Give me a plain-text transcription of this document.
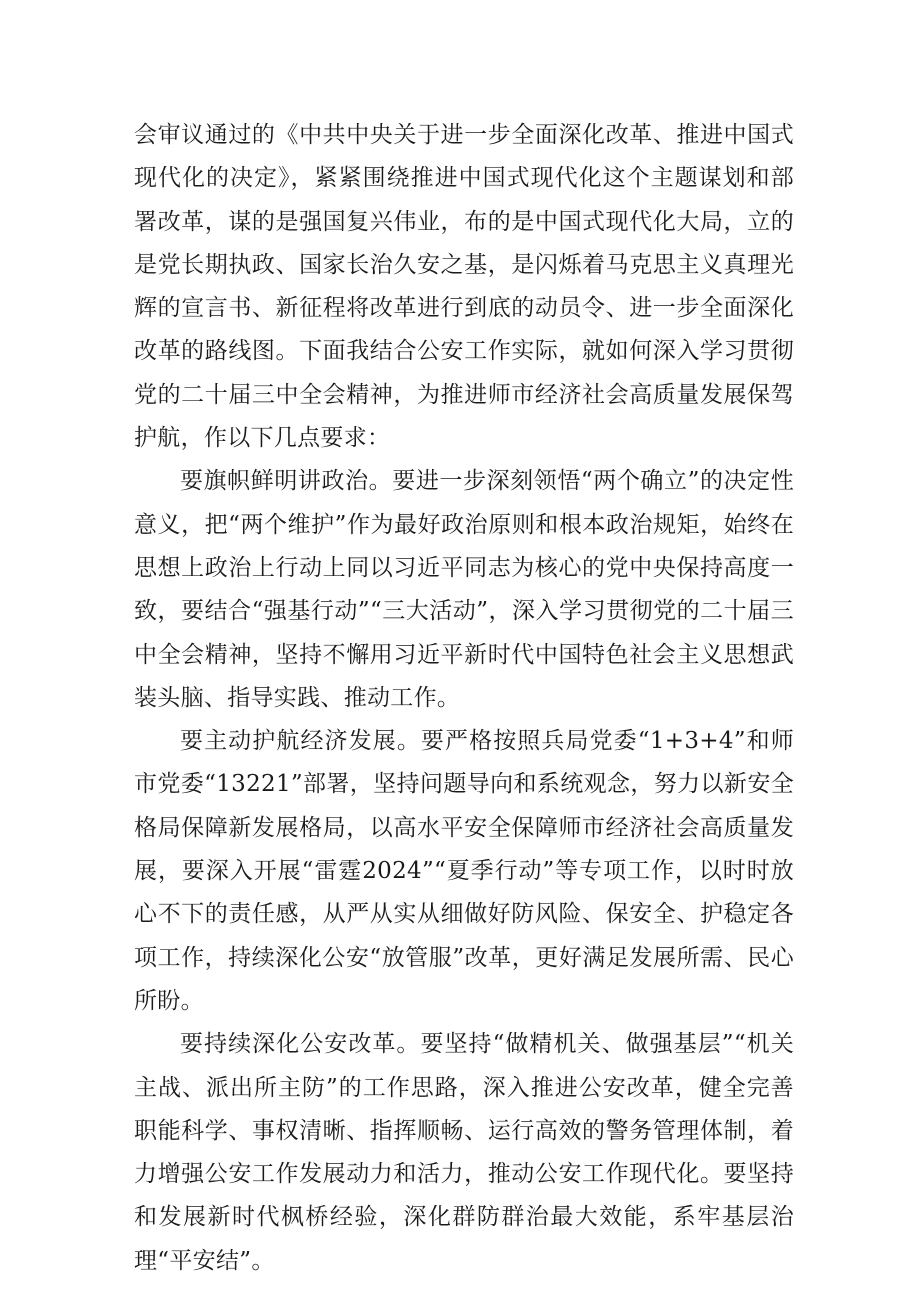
会审议通过的《中共中央关于进一步全面深化改革、推进中国式现代化的决定》，紧紧围绕推进中国式现代化这个主题谋划和部署改革，谋的是强国复兴伟业，布的是中国式现代化大局，立的是党长期执政、国家长治久安之基，是闪烁着马克思主义真理光辉的宣言书、新征程将改革进行到底的动员令、进一步全面深化改革的路线图。下面我结合公安工作实际，就如何深入学习贯彻党的二十届三中全会精神，为推进师市经济社会高质量发展保驾护航，作以下几点要求：

要旗帜鲜明讲政治。要进一步深刻领悟“两个确立”的决定性意义，把“两个维护”作为最好政治原则和根本政治规矩，始终在思想上政治上行动上同以习近平同志为核心的党中央保持高度一致，要结合“强基行动”“三大活动”，深入学习贯彻党的二十届三中全会精神，坚持不懈用习近平新时代中国特色社会主义思想武装头脑、指导实践、推动工作。

要主动护航经济发展。要严格按照兵局党委“1+3+4”和师市党委“13221”部署，坚持问题导向和系统观念，努力以新安全格局保障新发展格局，以高水平安全保障师市经济社会高质量发展，要深入开展“雷霆2024”“夏季行动”等专项工作，以时时放心不下的责任感，从严从实从细做好防风险、保安全、护稳定各项工作，持续深化公安“放管服”改革，更好满足发展所需、民心所盼。

要持续深化公安改革。要坚持“做精机关、做强基层”“机关主战、派出所主防”的工作思路，深入推进公安改革，健全完善职能科学、事权清晰、指挥顺畅、运行高效的警务管理体制，着力增强公安工作发展动力和活力，推动公安工作现代化。要坚持和发展新时代枫桥经验，深化群防群治最大效能，系牢基层治理“平安结”。
